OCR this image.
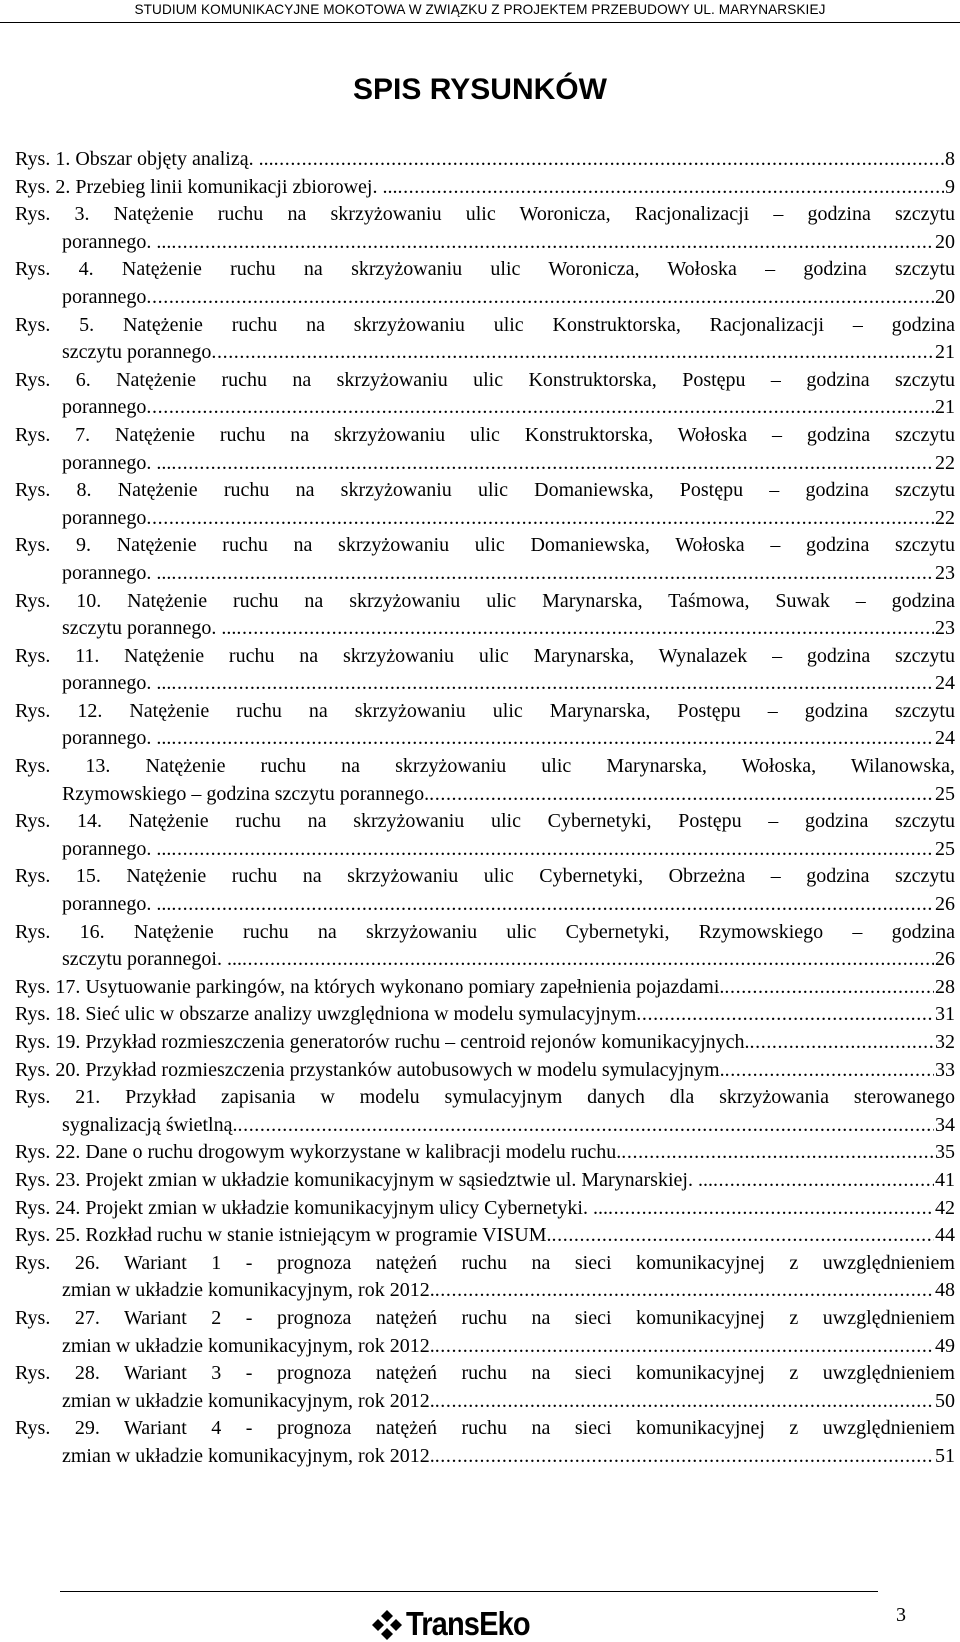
STUDIUM KOMUNIKACYJNE MOKOTOWA W ZWIĄZKU Z PROJEKTEM PRZEBUDOWY UL. MARYNARSKIEJ
SPIS RYSUNKÓW
Rys. 1. Obszar objęty analizą. ... .....	8
Rys. 2. Przebieg linii komunikacji zbiorowej. ... .....	9
Rys. 3. Natężenie ruchu na skrzyżowaniu ulic Woronicza, Racjonalizacji – godzina szczytu
porannego. ... .....	20
Rys. 4. Natężenie ruchu na skrzyżowaniu ulic Woronicza, Wołoska – godzina szczytu
porannego .....	20
Rys. 5. Natężenie ruchu na skrzyżowaniu ulic Konstruktorska, Racjonalizacji – godzina
szczytu porannego .....	21
Rys. 6. Natężenie ruchu na skrzyżowaniu ulic Konstruktorska, Postępu – godzina szczytu
porannego .....	21
Rys. 7. Natężenie ruchu na skrzyżowaniu ulic Konstruktorska, Wołoska – godzina szczytu
porannego. ... .....	22
Rys. 8. Natężenie ruchu na skrzyżowaniu ulic Domaniewska, Postępu – godzina szczytu
porannego .....	22
Rys. 9. Natężenie ruchu na skrzyżowaniu ulic Domaniewska, Wołoska – godzina szczytu
porannego. ... .....	23
Rys. 10. Natężenie ruchu na skrzyżowaniu ulic Marynarska, Taśmowa, Suwak – godzina
szczytu porannego. ... .....	23
Rys. 11. Natężenie ruchu na skrzyżowaniu ulic Marynarska, Wynalazek – godzina szczytu
porannego. ... .....	24
Rys. 12. Natężenie ruchu na skrzyżowaniu ulic Marynarska, Postępu – godzina szczytu
porannego. ... .....	24
Rys. 13. Natężenie ruchu na skrzyżowaniu ulic Marynarska, Wołoska, Wilanowska,
Rzymowskiego – godzina szczytu porannego. .....	25
Rys. 14. Natężenie ruchu na skrzyżowaniu ulic Cybernetyki, Postępu – godzina szczytu
porannego. ... .....	25
Rys. 15. Natężenie ruchu na skrzyżowaniu ulic Cybernetyki, Obrzeżna – godzina szczytu
porannego. ... .....	26
Rys. 16. Natężenie ruchu na skrzyżowaniu ulic Cybernetyki, Rzymowskiego – godzina
szczytu porannegoi. ... .....	26
Rys. 17. Usytuowanie parkingów, na których wykonano pomiary zapełnienia pojazdami. .....	28
Rys. 18. Sieć ulic w obszarze analizy uwzględniona w modelu symulacyjnym .....	31
Rys. 19. Przykład rozmieszczenia generatorów ruchu – centroid rejonów komunikacyjnych. .....	32
Rys. 20. Przykład rozmieszczenia przystanków autobusowych w modelu symulacyjnym. .....	33
Rys. 21. Przykład zapisania w modelu symulacyjnym danych dla skrzyżowania sterowanego
sygnalizacją świetlną. .....	34
Rys. 22. Dane o ruchu drogowym wykorzystane w kalibracji modelu ruchu. .....	35
Rys. 23. Projekt zmian w układzie komunikacyjnym w sąsiedztwie ul. Marynarskiej. ... .....	41
Rys. 24. Projekt zmian w układzie komunikacyjnym ulicy Cybernetyki. ... .....	42
Rys. 25. Rozkład ruchu w stanie istniejącym w programie VISUM. .....	44
Rys. 26. Wariant 1 - prognoza natężeń ruchu na sieci komunikacyjnej z uwzględnieniem
zmian w układzie komunikacyjnym, rok 2012. .....	48
Rys. 27. Wariant 2 - prognoza natężeń ruchu na sieci komunikacyjnej z uwzględnieniem
zmian w układzie komunikacyjnym, rok 2012. .....	49
Rys. 28. Wariant 3 - prognoza natężeń ruchu na sieci komunikacyjnej z uwzględnieniem
zmian w układzie komunikacyjnym, rok 2012. .....	50
Rys. 29. Wariant 4 - prognoza natężeń ruchu na sieci komunikacyjnej z uwzględnieniem
zmian w układzie komunikacyjnym, rok 2012. .....	51
TransEko	3
